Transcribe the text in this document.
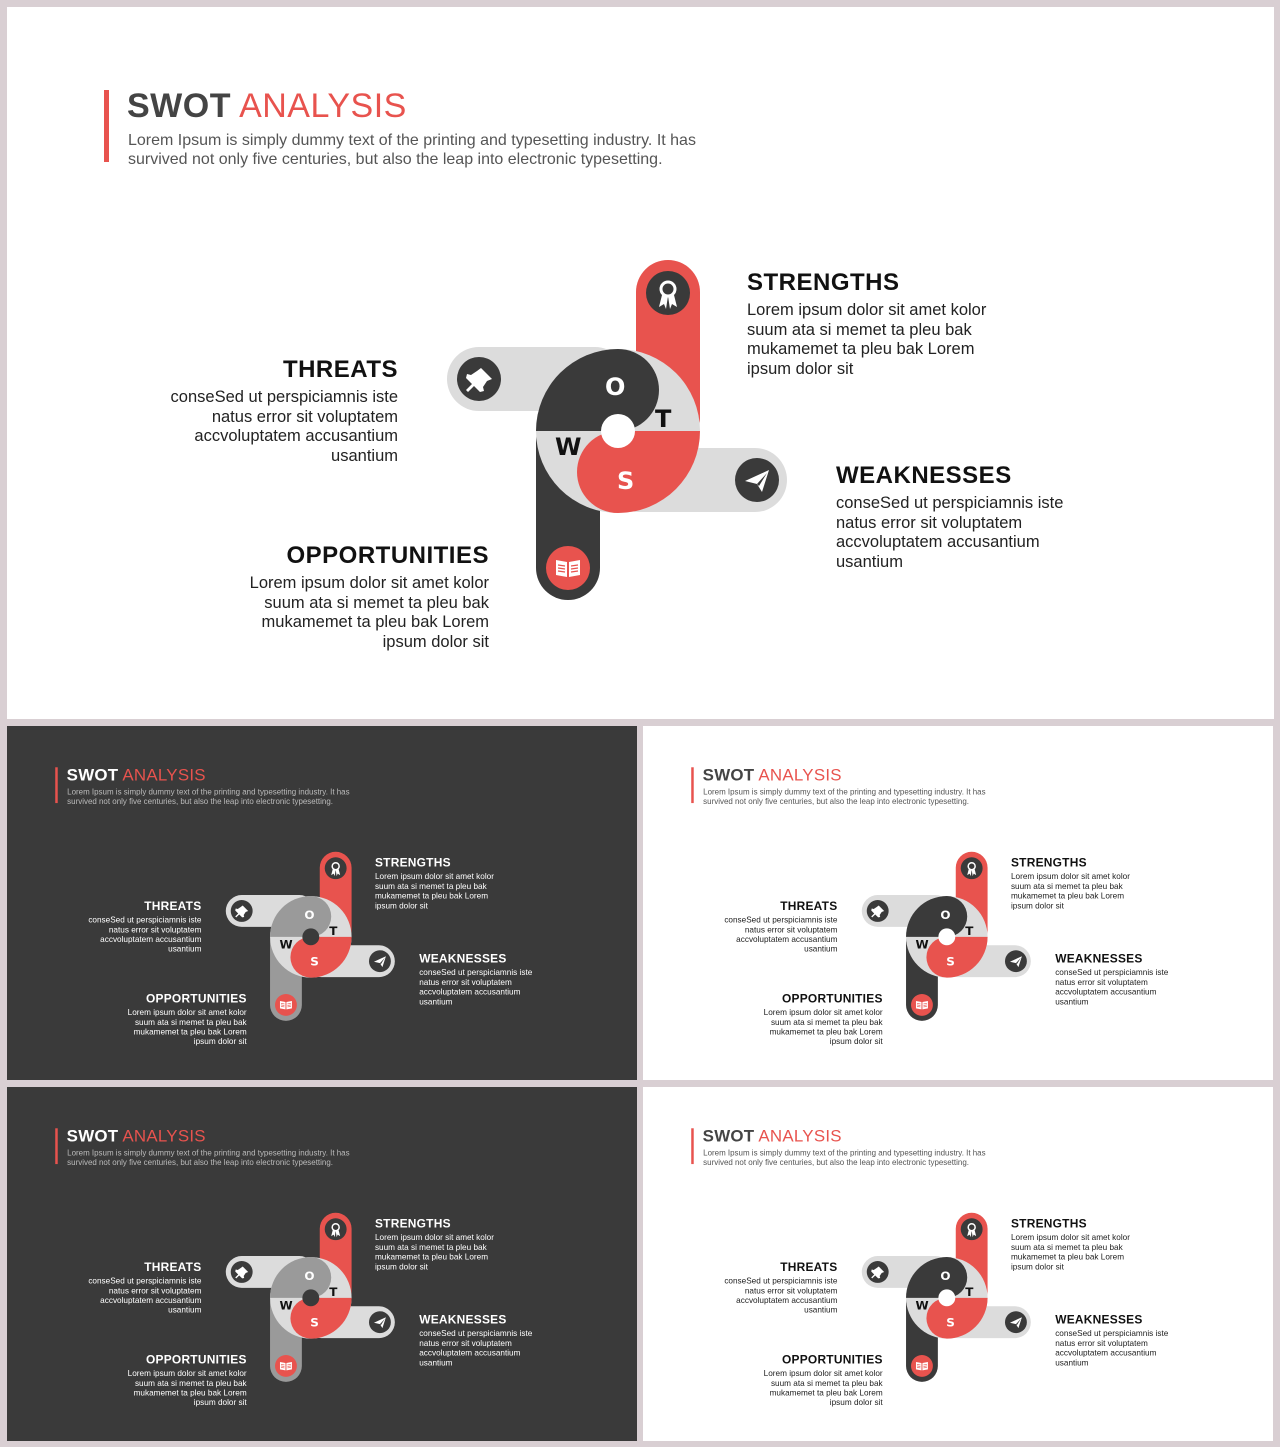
SWOT ANALYSIS
Lorem Ipsum is simply dummy text of the printing and typesetting industry. It has survived not only five centuries, but also the leap into electronic typesetting.
O
T
W
S
STRENGTHS
Lorem ipsum dolor sit amet kolor suum ata si memet ta pleu bak mukamemet ta pleu bak Lorem ipsum dolor sit
WEAKNESSES
conseSed ut perspiciamnis iste natus error sit voluptatem accvoluptatem accusantium usantium
THREATS
conseSed ut perspiciamnis iste natus error sit voluptatem accvoluptatem accusantium usantium
OPPORTUNITIES
Lorem ipsum dolor sit amet kolor suum ata si memet ta pleu bak mukamemet ta pleu bak Lorem ipsum dolor sit
SWOT ANALYSIS
Lorem Ipsum is simply dummy text of the printing and typesetting industry. It has survived not only five centuries, but also the leap into electronic typesetting.
O
T
W
S
STRENGTHS
Lorem ipsum dolor sit amet kolor suum ata si memet ta pleu bak mukamemet ta pleu bak Lorem ipsum dolor sit
WEAKNESSES
conseSed ut perspiciamnis iste natus error sit voluptatem accvoluptatem accusantium usantium
THREATS
conseSed ut perspiciamnis iste natus error sit voluptatem accvoluptatem accusantium usantium
OPPORTUNITIES
Lorem ipsum dolor sit amet kolor suum ata si memet ta pleu bak mukamemet ta pleu bak Lorem ipsum dolor sit
SWOT ANALYSIS
Lorem Ipsum is simply dummy text of the printing and typesetting industry. It has survived not only five centuries, but also the leap into electronic typesetting.
O
T
W
S
STRENGTHS
Lorem ipsum dolor sit amet kolor suum ata si memet ta pleu bak mukamemet ta pleu bak Lorem ipsum dolor sit
WEAKNESSES
conseSed ut perspiciamnis iste natus error sit voluptatem accvoluptatem accusantium usantium
THREATS
conseSed ut perspiciamnis iste natus error sit voluptatem accvoluptatem accusantium usantium
OPPORTUNITIES
Lorem ipsum dolor sit amet kolor suum ata si memet ta pleu bak mukamemet ta pleu bak Lorem ipsum dolor sit
SWOT ANALYSIS
Lorem Ipsum is simply dummy text of the printing and typesetting industry. It has survived not only five centuries, but also the leap into electronic typesetting.
O
T
W
S
STRENGTHS
Lorem ipsum dolor sit amet kolor suum ata si memet ta pleu bak mukamemet ta pleu bak Lorem ipsum dolor sit
WEAKNESSES
conseSed ut perspiciamnis iste natus error sit voluptatem accvoluptatem accusantium usantium
THREATS
conseSed ut perspiciamnis iste natus error sit voluptatem accvoluptatem accusantium usantium
OPPORTUNITIES
Lorem ipsum dolor sit amet kolor suum ata si memet ta pleu bak mukamemet ta pleu bak Lorem ipsum dolor sit
SWOT ANALYSIS
Lorem Ipsum is simply dummy text of the printing and typesetting industry. It has survived not only five centuries, but also the leap into electronic typesetting.
O
T
W
S
STRENGTHS
Lorem ipsum dolor sit amet kolor suum ata si memet ta pleu bak mukamemet ta pleu bak Lorem ipsum dolor sit
WEAKNESSES
conseSed ut perspiciamnis iste natus error sit voluptatem accvoluptatem accusantium usantium
THREATS
conseSed ut perspiciamnis iste natus error sit voluptatem accvoluptatem accusantium usantium
OPPORTUNITIES
Lorem ipsum dolor sit amet kolor suum ata si memet ta pleu bak mukamemet ta pleu bak Lorem ipsum dolor sit
